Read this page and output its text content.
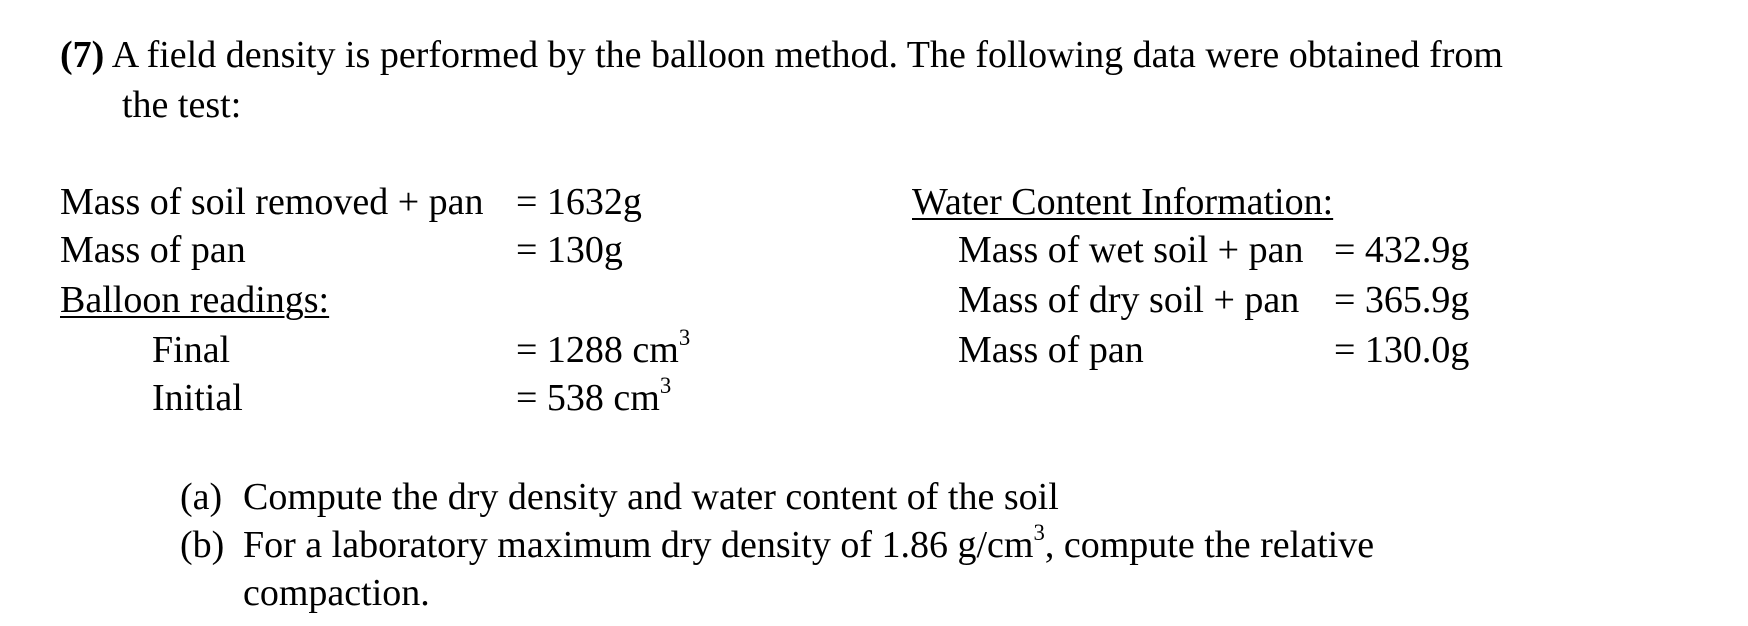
(7) A field density is performed by the balloon method. The following data were obtained from
the test:
Mass of soil removed + pan = 1632g
Mass of pan	= 130g
Balloon readings:
Final	= 1288 $cm^3$
Initial	= 538 $cm^3$
Water Content Information:
Mass of wet soil + pan = 432.9g
Mass of dry soil + pan = 365.9g
Mass of pan	= 130.0g
(a) Compute the dry density and water content of the soil
(b) For a laboratory maximum dry density of 1.86 $g/cm^3$, compute the relative
compaction.
